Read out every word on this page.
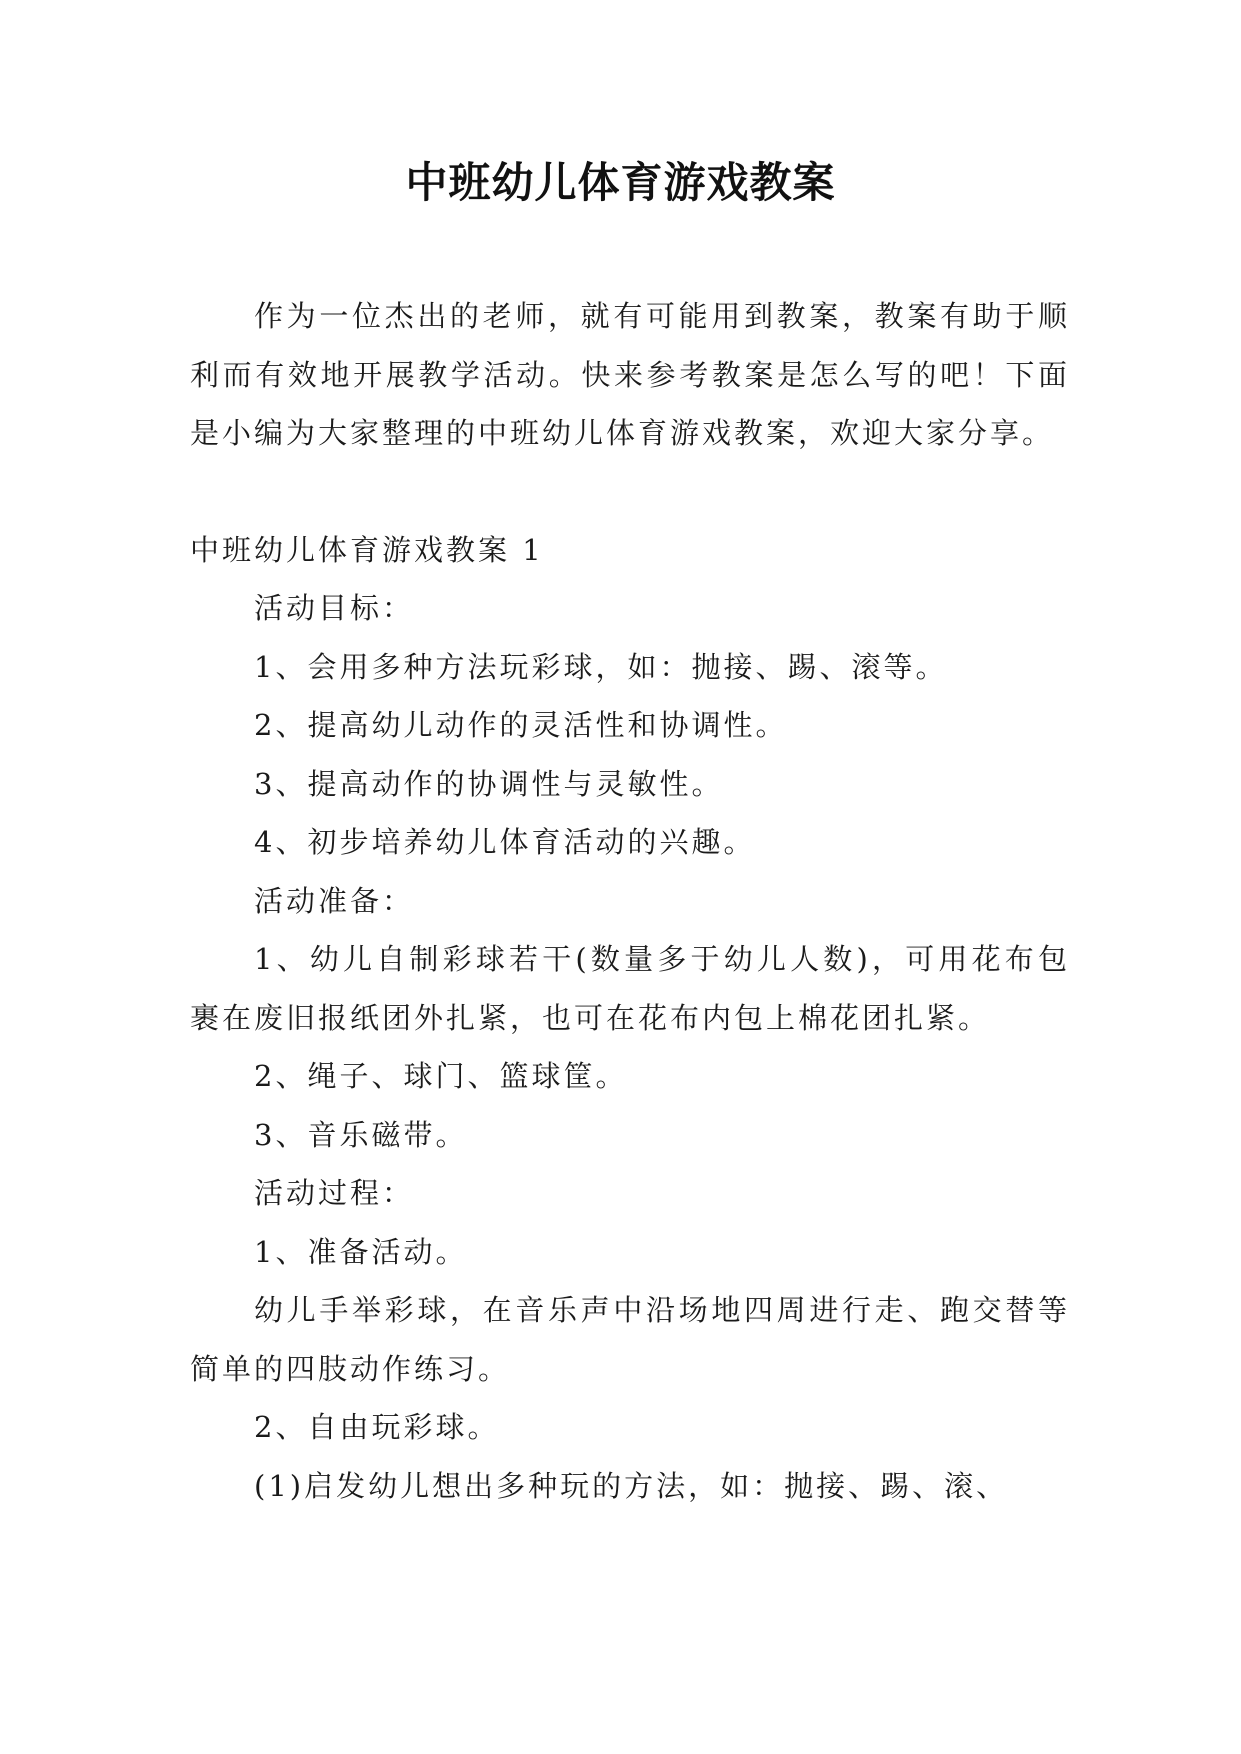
中班幼儿体育游戏教案

作为一位杰出的老师，就有可能用到教案，教案有助于顺利而有效地开展教学活动。快来参考教案是怎么写的吧！下面是小编为大家整理的中班幼儿体育游戏教案，欢迎大家分享。

中班幼儿体育游戏教案 1

活动目标：

1、会用多种方法玩彩球，如：抛接、踢、滚等。

2、提高幼儿动作的灵活性和协调性。

3、提高动作的协调性与灵敏性。

4、初步培养幼儿体育活动的兴趣。

活动准备：

1、幼儿自制彩球若干(数量多于幼儿人数)，可用花布包裹在废旧报纸团外扎紧，也可在花布内包上棉花团扎紧。

2、绳子、球门、篮球筐。

3、音乐磁带。

活动过程：

1、准备活动。

幼儿手举彩球，在音乐声中沿场地四周进行走、跑交替等简单的四肢动作练习。

2、自由玩彩球。

(1)启发幼儿想出多种玩的方法，如：抛接、踢、滚、
